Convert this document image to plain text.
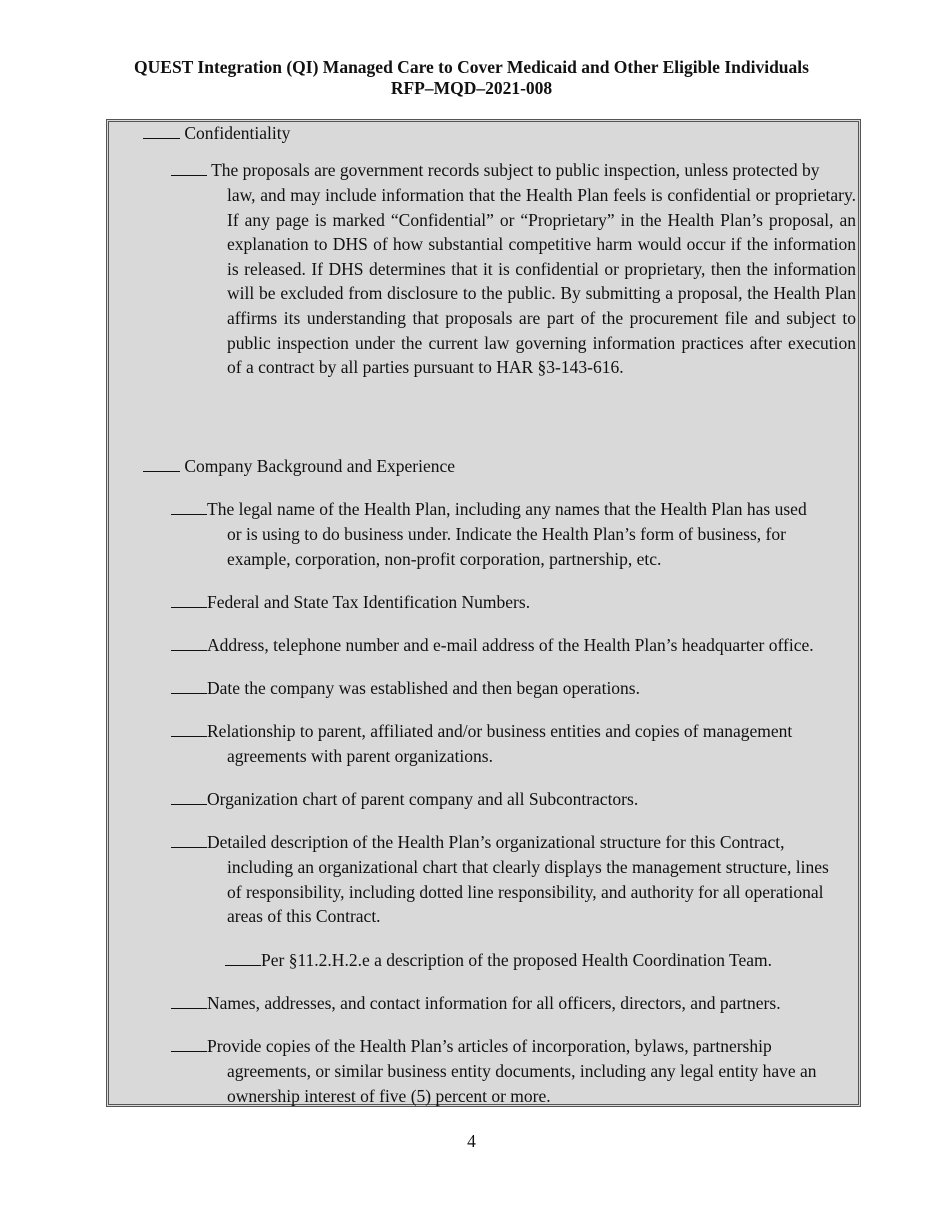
QUEST Integration (QI) Managed Care to Cover Medicaid and Other Eligible Individuals
RFP–MQD–2021-008
Confidentiality
The proposals are government records subject to public inspection, unless protected by
law, and may include information that the Health Plan feels is confidential or proprietary. If any page is marked “Confidential” or “Proprietary” in the Health Plan’s proposal, an explanation to DHS of how substantial competitive harm would occur if the information is released. If DHS determines that it is confidential or proprietary, then the information will be excluded from disclosure to the public. By submitting a proposal, the Health Plan affirms its understanding that proposals are part of the procurement file and subject to public inspection under the current law governing information practices after execution of a contract by all parties pursuant to HAR §3-143-616.
Company Background and Experience
The legal name of the Health Plan, including any names that the Health Plan has used
or is using to do business under. Indicate the Health Plan’s form of business, for example, corporation, non-profit corporation, partnership, etc.
Federal and State Tax Identification Numbers.
Address, telephone number and e-mail address of the Health Plan’s headquarter office.
Date the company was established and then began operations.
Relationship to parent, affiliated and/or business entities and copies of management
agreements with parent organizations.
Organization chart of parent company and all Subcontractors.
Detailed description of the Health Plan’s organizational structure for this Contract,
including an organizational chart that clearly displays the management structure, lines of responsibility, including dotted line responsibility, and authority for all operational areas of this Contract.
Per §11.2.H.2.e a description of the proposed Health Coordination Team.
Names, addresses, and contact information for all officers, directors, and partners.
Provide copies of the Health Plan’s articles of incorporation, bylaws, partnership
agreements, or similar business entity documents, including any legal entity have an ownership interest of five (5) percent or more.
4
